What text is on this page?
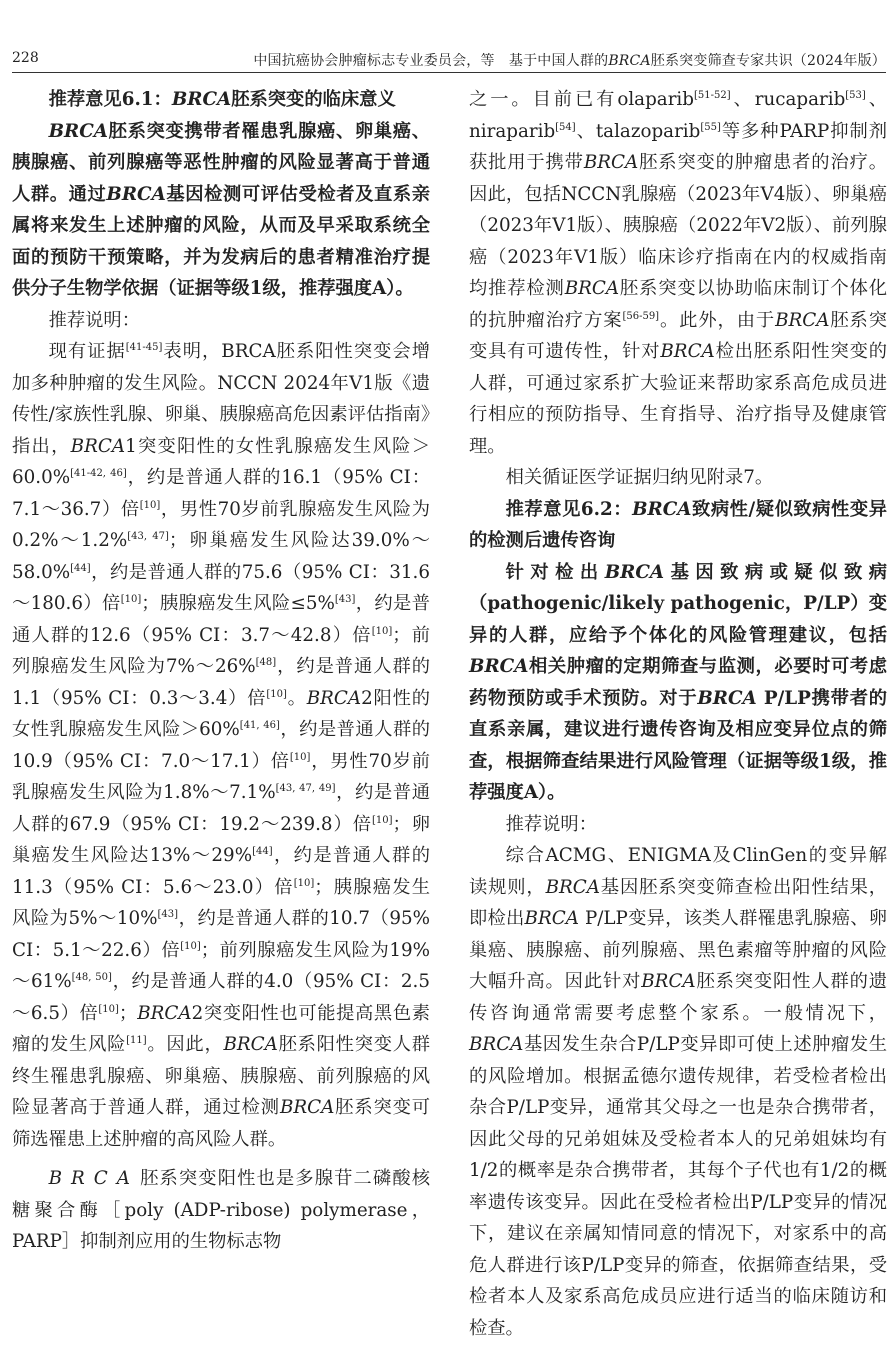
228	中国抗癌协会肿瘤标志专业委员会，等　基于中国人群的BRCA胚系突变筛查专家共识（2024年版）

推荐意见6.1：BRCA胚系突变的临床意义

BRCA胚系突变携带者罹患乳腺癌、卵巢癌、胰腺癌、前列腺癌等恶性肿瘤的风险显著高于普通人群。通过BRCA基因检测可评估受检者及直系亲属将来发生上述肿瘤的风险，从而及早采取系统全面的预防干预策略，并为发病后的患者精准治疗提供分子生物学依据（证据等级1级，推荐强度A）。

推荐说明：

现有证据[41-45]表明，BRCA胚系阳性突变会增加多种肿瘤的发生风险。NCCN 2024年V1版《遗传性/家族性乳腺、卵巢、胰腺癌高危因素评估指南》指出，BRCA1突变阳性的女性乳腺癌发生风险＞60.0%[41-42, 46]，约是普通人群的16.1（95% CI：7.1～36.7）倍[10]，男性70岁前乳腺癌发生风险为0.2%～1.2%[43, 47]；卵巢癌发生风险达39.0%～58.0%[44]，约是普通人群的75.6（95% CI：31.6～180.6）倍[10]；胰腺癌发生风险≤5%[43]，约是普通人群的12.6（95% CI：3.7～42.8）倍[10]；前列腺癌发生风险为7%～26%[48]，约是普通人群的1.1（95% CI：0.3～3.4）倍[10]。BRCA2阳性的女性乳腺癌发生风险＞60%[41, 46]，约是普通人群的10.9（95% CI：7.0～17.1）倍[10]，男性70岁前乳腺癌发生风险为1.8%～7.1%[43, 47, 49]，约是普通人群的67.9（95% CI：19.2～239.8）倍[10]；卵巢癌发生风险达13%～29%[44]，约是普通人群的11.3（95% CI：5.6～23.0）倍[10]；胰腺癌发生风险为5%～10%[43]，约是普通人群的10.7（95% CI：5.1～22.6）倍[10]；前列腺癌发生风险为19%～61%[48, 50]，约是普通人群的4.0（95% CI：2.5～6.5）倍[10]；BRCA2突变阳性也可能提高黑色素瘤的发生风险[11]。因此，BRCA胚系阳性突变人群终生罹患乳腺癌、卵巢癌、胰腺癌、前列腺癌的风险显著高于普通人群，通过检测BRCA胚系突变可筛选罹患上述肿瘤的高风险人群。

BRCA胚系突变阳性也是多腺苷二磷酸核糖聚合酶［poly (ADP-ribose) polymerase，PARP］抑制剂应用的生物标志物

之一。目前已有olaparib[51-52]、rucaparib[53]、niraparib[54]、talazoparib[55]等多种PARP抑制剂获批用于携带BRCA胚系突变的肿瘤患者的治疗。因此，包括NCCN乳腺癌（2023年V4版）、卵巢癌（2023年V1版）、胰腺癌（2022年V2版）、前列腺癌（2023年V1版）临床诊疗指南在内的权威指南均推荐检测BRCA胚系突变以协助临床制订个体化的抗肿瘤治疗方案[56-59]。此外，由于BRCA胚系突变具有可遗传性，针对BRCA检出胚系阳性突变的人群，可通过家系扩大验证来帮助家系高危成员进行相应的预防指导、生育指导、治疗指导及健康管理。

相关循证医学证据归纳见附录7。

推荐意见6.2：BRCA致病性/疑似致病性变异的检测后遗传咨询

针对检出BRCA基因致病或疑似致病（pathogenic/likely pathogenic，P/LP）变异的人群，应给予个体化的风险管理建议，包括BRCA相关肿瘤的定期筛查与监测，必要时可考虑药物预防或手术预防。对于BRCA P/LP携带者的直系亲属，建议进行遗传咨询及相应变异位点的筛查，根据筛查结果进行风险管理（证据等级1级，推荐强度A）。

推荐说明：

综合ACMG、ENIGMA及ClinGen的变异解读规则，BRCA基因胚系突变筛查检出阳性结果，即检出BRCA P/LP变异，该类人群罹患乳腺癌、卵巢癌、胰腺癌、前列腺癌、黑色素瘤等肿瘤的风险大幅升高。因此针对BRCA胚系突变阳性人群的遗传咨询通常需要考虑整个家系。一般情况下，BRCA基因发生杂合P/LP变异即可使上述肿瘤发生的风险增加。根据孟德尔遗传规律，若受检者检出杂合P/LP变异，通常其父母之一也是杂合携带者，因此父母的兄弟姐妹及受检者本人的兄弟姐妹均有1/2的概率是杂合携带者，其每个子代也有1/2的概率遗传该变异。因此在受检者检出P/LP变异的情况下，建议在亲属知情同意的情况下，对家系中的高危人群进行该P/LP变异的筛查，依据筛查结果，受检者本人及家系高危成员应进行适当的临床随访和检查。
